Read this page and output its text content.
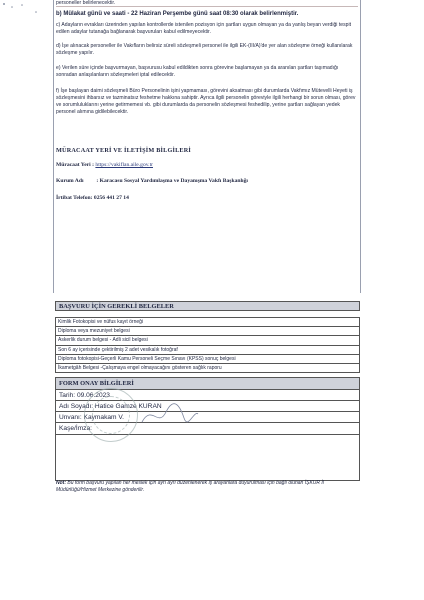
personeller belirlenecektir.

b) Mülakat günü ve saati - 22 Haziran Perşembe günü saat 08:30 olarak belirlenmiştir.

c) Adayların evrakları üzerinden yapılan kontrollerde istenilen pozisyon için şartları uygun olmayan ya da yanlış beyan verdiği tespit edilen adaylar tutanağa bağlanarak başvuruları kabul edilmeyecektir.

d) İşe alınacak personeller ile Vakıfların belirsiz süreli sözleşmeli personel ile ilgili EK-(III/A)'de yer alan sözleşme örneği kullanılarak sözleşme yapılır.

e) Verilen süre içinde başvurmayan, başvurusu kabul edildikten sonra görevine başlamayan ya da aranılan şartları taşımadığı sonradan anlaşılanların sözleşmeleri iptal edilecektir.

f) İşe başlayan daimi sözleşmeli Büro Personelinin işini yapmaması, görevini aksatması gibi durumlarda Vakfımız Mütevelli Heyeti iş sözleşmesini ihbarsız ve tazminatsız feshetme hakkına sahiptir. Ayrıca ilgili personelin göreviyle ilgili herhangi bir sorun olması, görev ve sorumluluklarını yerine getirmemesi vb. gibi durumlarda da personelin sözleşmesi feshedilip, yerine şartları sağlayan yedek personel alımına gidilebilecektir.

MÜRACAAT YERİ VE İLETİŞİM BİLGİLERİ

Müracaat Yeri : https://vakiflan.aile.gov.tr

Kurum Adı : Karacasu Sosyal Yardımlaşma ve Dayanışma Vakfı Başkanlığı

İrtibat Telefon: 0256 441 27 14

BAŞVURU İÇİN GEREKLİ BELGELER
Kimlik Fotokopisi ve nüfus kayıt örneği
Diploma veya mezuniyet belgesi
Askerlik durum belgesi - Adli sicil belgesi
Son 6 ay içerisinde çektirilmiş 2 adet vesikalık fotoğraf
Diploma fotokopisi-Geçerli Kamu Personeli Seçme Sınavı (KPSS) sonuç belgesi
İkametgâh Belgesi -Çalışmaya engel olmayacağını gösteren sağlık raporu
FORM ONAY BİLGİLERİ
Tarih: 09.06.2023
Adı Soyadı: Hatice Gamze KURAN
Unvanı: Kaymakam V.
Kaşe/İmza:

Not: Bu form başvuru yapılan her meslek için ayrı ayrı düzenlenerek iş arayanlara duyurulması için bağlı olunan İŞKUR İl Müdürlüğü/Hizmet Merkezine gönderilir.
